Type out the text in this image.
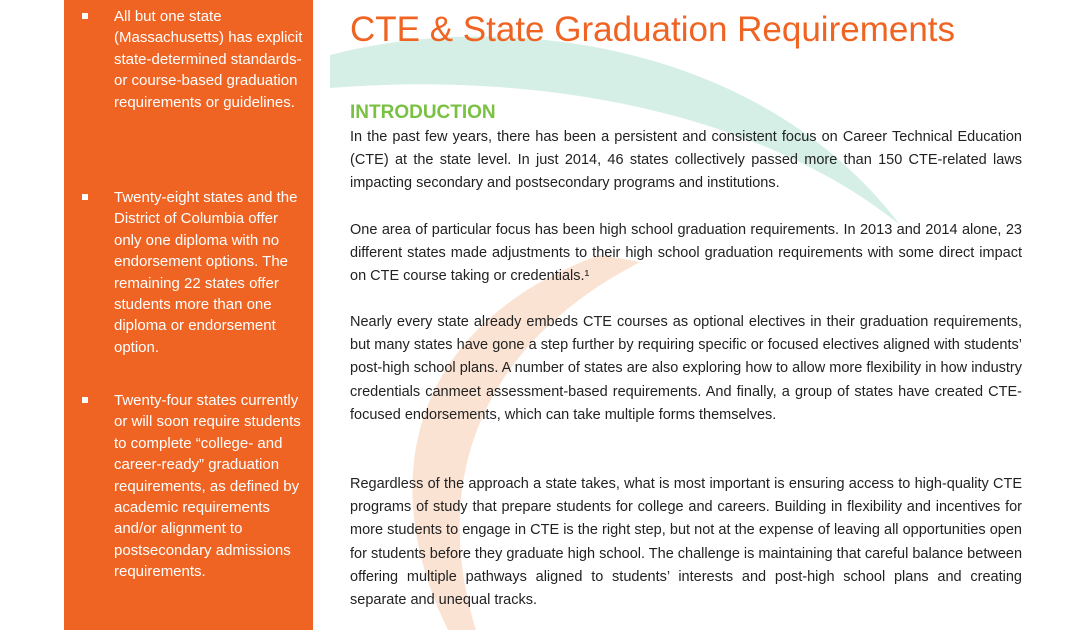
All but one state (Massachusetts) has explicit state-determined standards- or course-based graduation requirements or guidelines.
Twenty-eight states and the District of Columbia offer only one diploma with no endorsement options. The remaining 22 states offer students more than one diploma or endorsement option.
Twenty-four states currently or will soon require students to complete “college- and career-ready” graduation requirements, as defined by academic requirements and/or alignment to postsecondary admissions requirements.
CTE & State Graduation Requirements
INTRODUCTION

In the past few years, there has been a persistent and consistent focus on Career Technical Education (CTE) at the state level. In just 2014, 46 states collectively passed more than 150 CTE-related laws impacting secondary and postsecondary programs and institutions.

One area of particular focus has been high school graduation requirements. In 2013 and 2014 alone, 23 different states made adjustments to their high school graduation requirements with some direct impact on CTE course taking or credentials.¹

Nearly every state already embeds CTE courses as optional electives in their graduation requirements, but many states have gone a step further by requiring specific or focused electives aligned with students’ post-high school plans. A number of states are also exploring how to allow more flexibility in how industry credentials canmeet assessment-based requirements. And finally, a group of states have created CTE-focused endorsements, which can take multiple forms themselves.

Regardless of the approach a state takes, what is most important is ensuring access to high-quality CTE programs of study that prepare students for college and careers. Building in flexibility and incentives for more students to engage in CTE is the right step, but not at the expense of leaving all opportunities open for students before they graduate high school. The challenge is maintaining that careful balance between offering multiple pathways aligned to students’ interests and post-high school plans and creating separate and unequal tracks.
